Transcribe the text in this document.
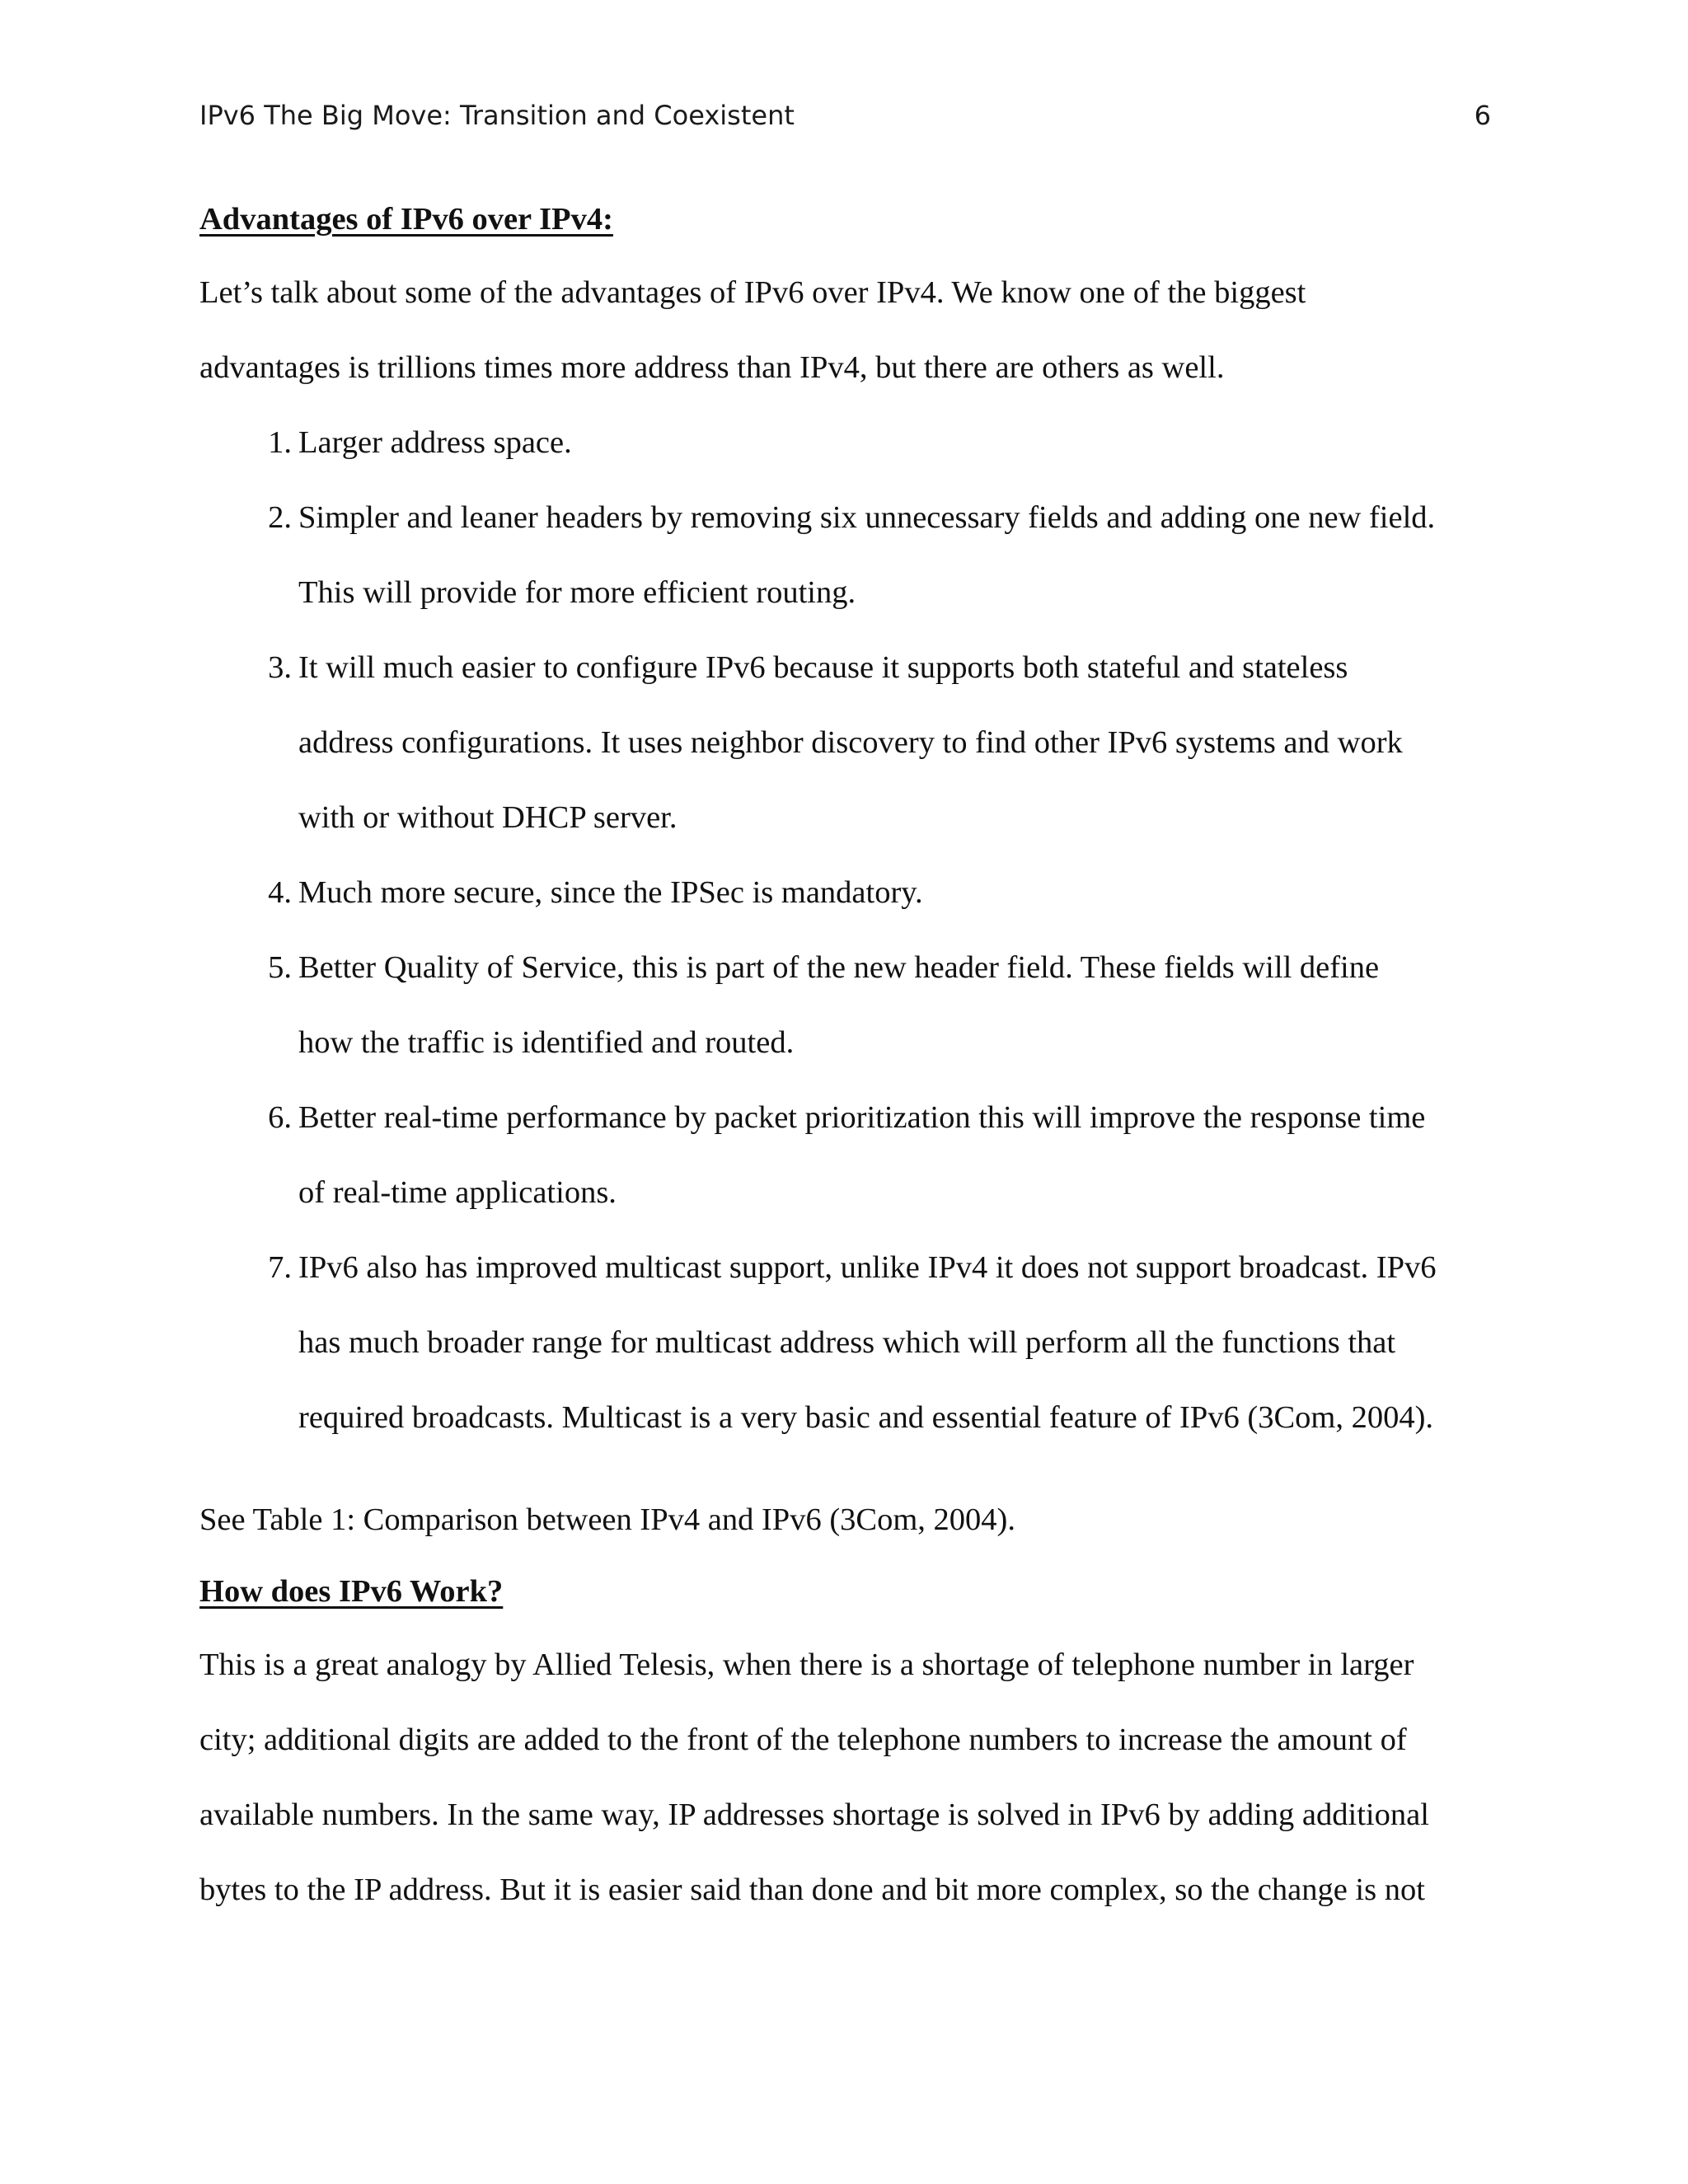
IPv6 The Big Move: Transition and Coexistent	6
Advantages of IPv6 over IPv4:
Let’s talk about some of the advantages of IPv6 over IPv4. We know one of the biggest
advantages is trillions times more address than IPv4, but there are others as well.
1. Larger address space.
2. Simpler and leaner headers by removing six unnecessary fields and adding one new field.
This will provide for more efficient routing.
3. It will much easier to configure IPv6 because it supports both stateful and stateless
address configurations. It uses neighbor discovery to find other IPv6 systems and work
with or without DHCP server.
4. Much more secure, since the IPSec is mandatory.
5. Better Quality of Service, this is part of the new header field. These fields will define
how the traffic is identified and routed.
6. Better real-time performance by packet prioritization this will improve the response time
of real-time applications.
7. IPv6 also has improved multicast support, unlike IPv4 it does not support broadcast. IPv6
has much broader range for multicast address which will perform all the functions that
required broadcasts. Multicast is a very basic and essential feature of IPv6 (3Com, 2004).
See Table 1: Comparison between IPv4 and IPv6 (3Com, 2004).
How does IPv6 Work?
This is a great analogy by Allied Telesis, when there is a shortage of telephone number in larger
city; additional digits are added to the front of the telephone numbers to increase the amount of
available numbers. In the same way, IP addresses shortage is solved in IPv6 by adding additional
bytes to the IP address. But it is easier said than done and bit more complex, so the change is not
